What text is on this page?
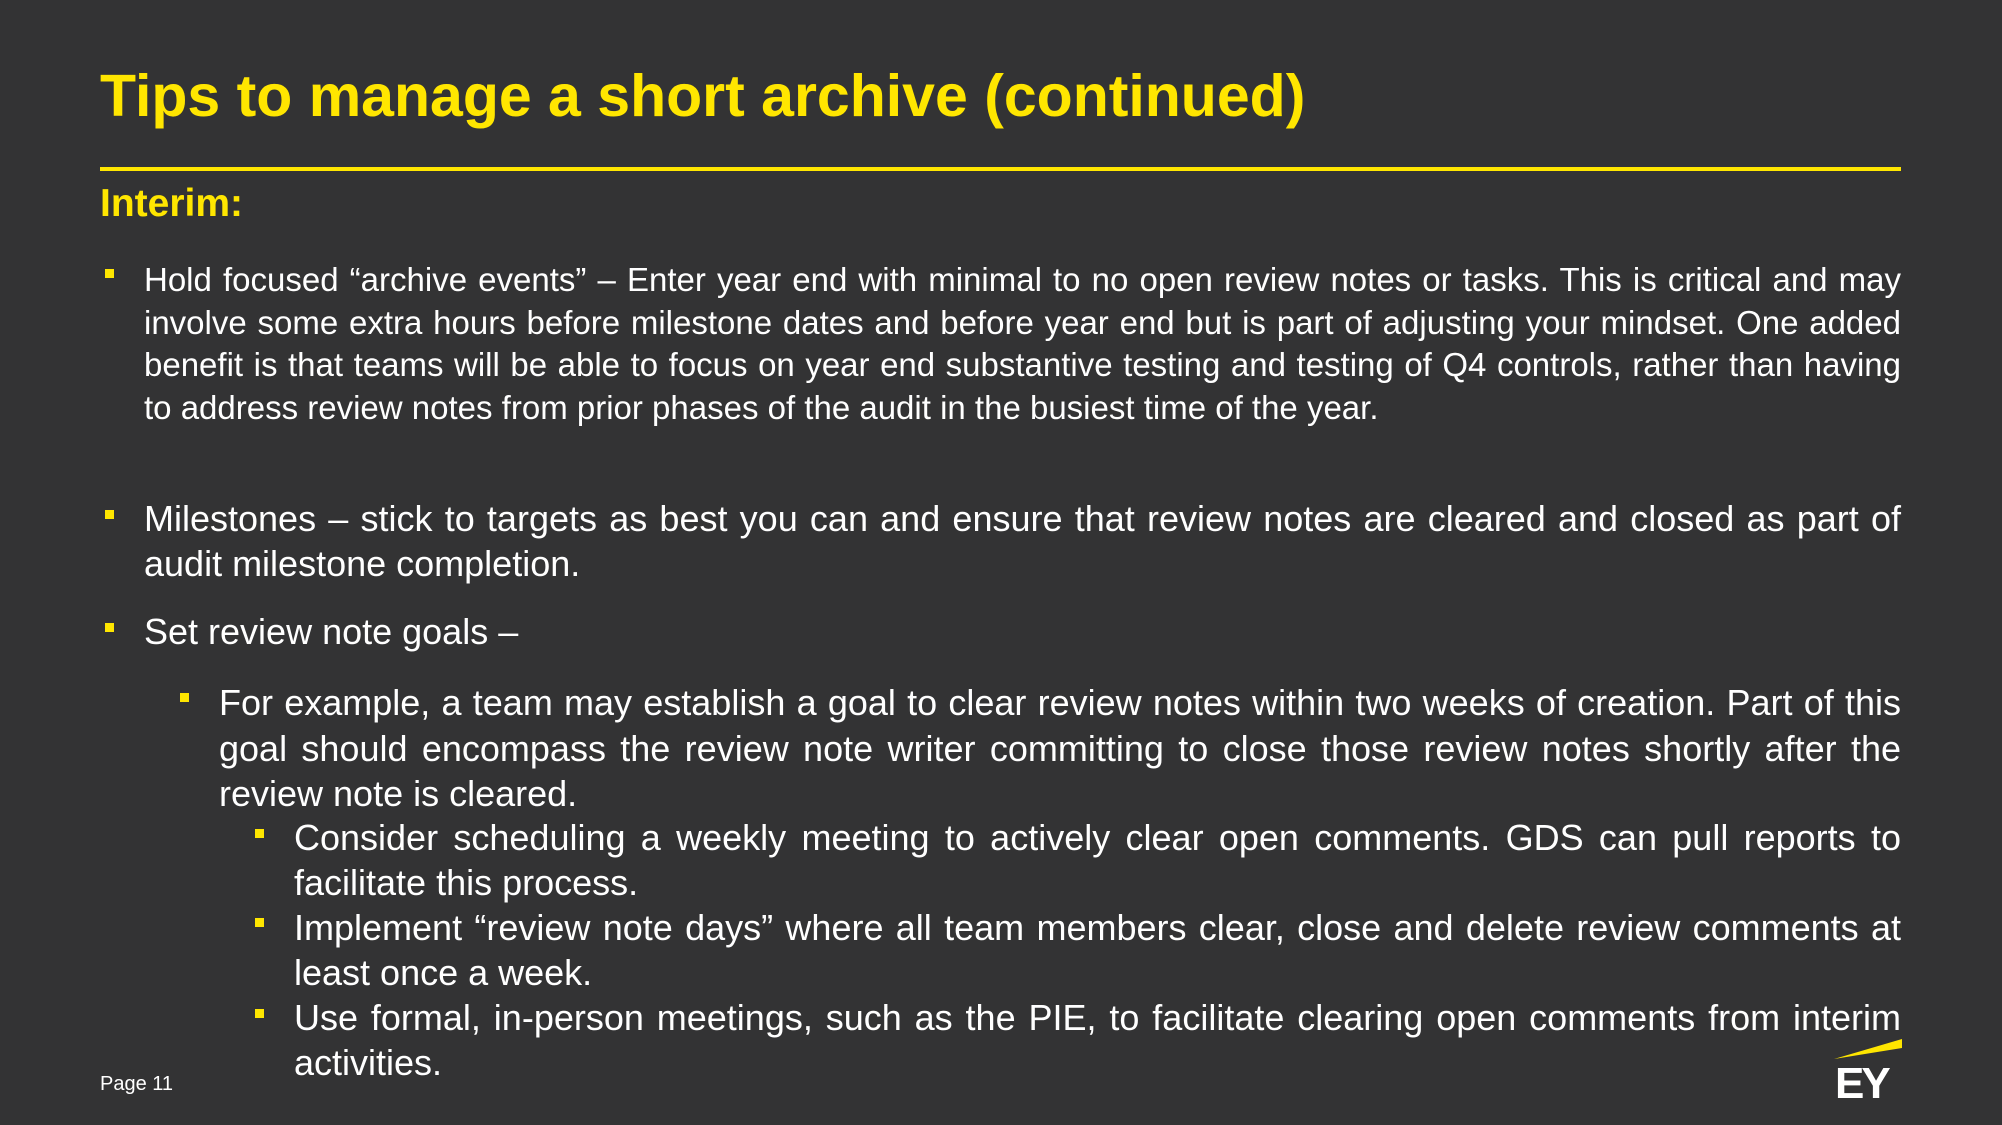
Tips to manage a short archive (continued)
Interim:
Hold focused “archive events” – Enter year end with minimal to no open review notes or tasks. This is critical and may involve some extra hours before milestone dates and before year end but is part of adjusting your mindset. One added benefit is that teams will be able to focus on year end substantive testing and testing of Q4 controls, rather than having to address review notes from prior phases of the audit in the busiest time of the year.
Milestones – stick to targets as best you can and ensure that review notes are cleared and closed as part of audit milestone completion.
Set review note goals –
For example, a team may establish a goal to clear review notes within two weeks of creation. Part of this goal should encompass the review note writer committing to close those review notes shortly after the review note is cleared.
Consider scheduling a weekly meeting to actively clear open comments. GDS can pull reports to facilitate this process.
Implement “review note days” where all team members clear, close and delete review comments at least once a week.
Use formal, in-person meetings, such as the PIE, to facilitate clearing open comments from interim activities.
Page 11	EY
